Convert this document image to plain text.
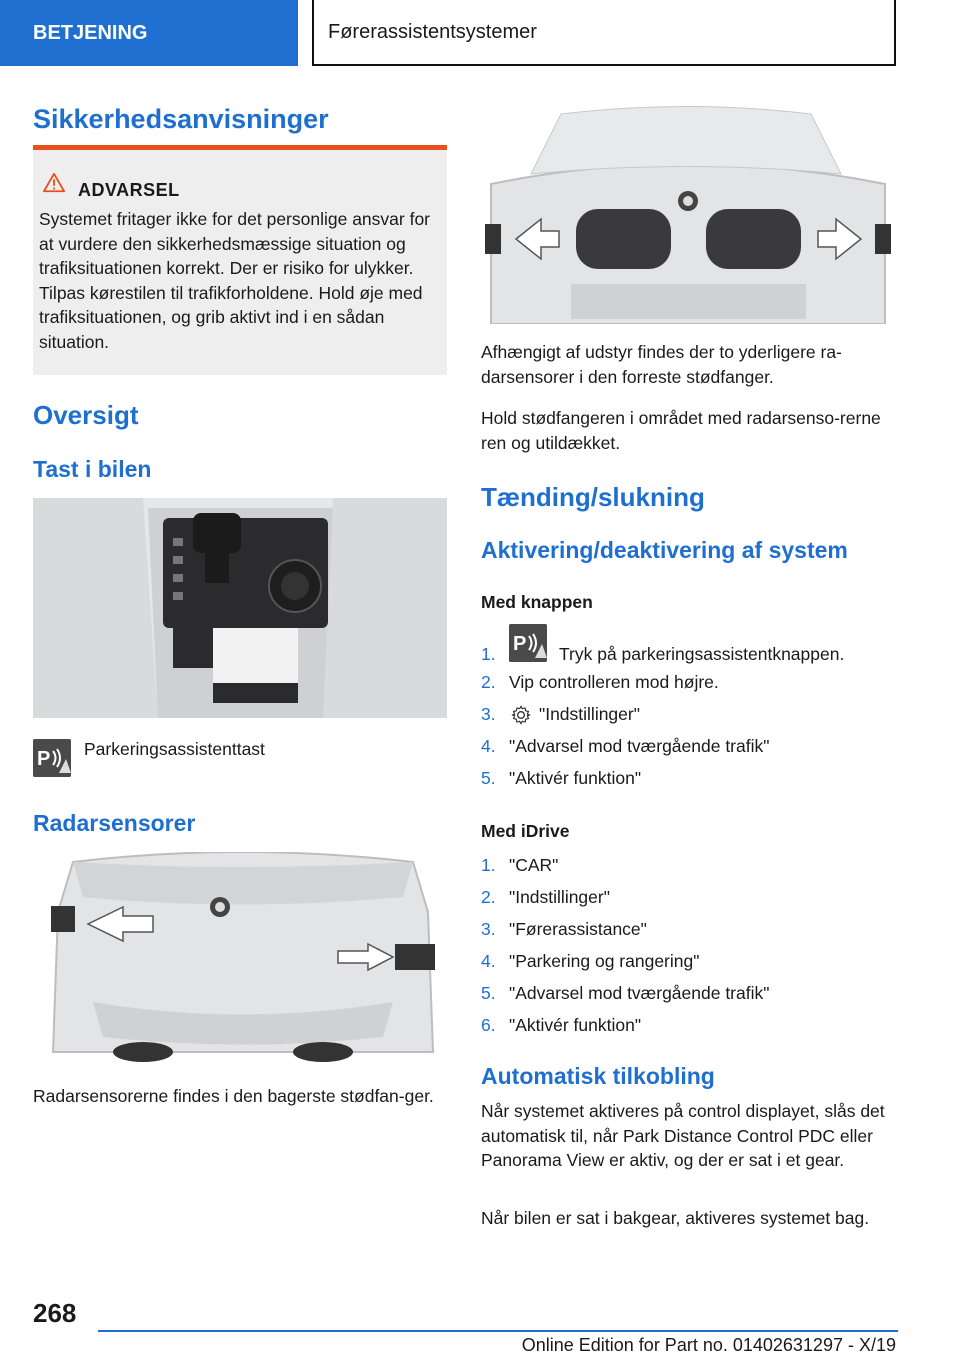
BETJENING	Førerassistentsystemer
Sikkerhedsanvisninger
ADVARSEL
Systemet fritager ikke for det personlige ansvar for at vurdere den sikkerhedsmæssige situation og trafiksituationen korrekt. Der er risiko for ulykker. Tilpas kørestilen til trafikforholdene. Hold øje med trafiksituationen, og grib aktivt ind i en sådan situation.
Oversigt
Tast i bilen
P Parkeringsassistenttast
Radarsensorer
Radarsensorerne findes i den bagerste stødfan-ger.
Afhængigt af udstyr findes der to yderligere ra-darsensorer i den forreste stødfanger.
Hold stødfangeren i området med radarsenso-rerne ren og utildækket.
Tænding/slukning
Aktivering/deaktivering af system
Med knappen
1. P Tryk på parkeringsassistentknappen.
2. Vip controlleren mod højre.
3. "Indstillinger"
4. "Advarsel mod tværgående trafik"
5. "Aktivér funktion"
Med iDrive
1. "CAR"
2. "Indstillinger"
3. "Førerassistance"
4. "Parkering og rangering"
5. "Advarsel mod tværgående trafik"
6. "Aktivér funktion"
Automatisk tilkobling
Når systemet aktiveres på control displayet, slås det automatisk til, når Park Distance Control PDC eller Panorama View er aktiv, og der er sat i et gear.
Når bilen er sat i bakgear, aktiveres systemet bag.
268
Online Edition for Part no. 01402631297 - X/19
